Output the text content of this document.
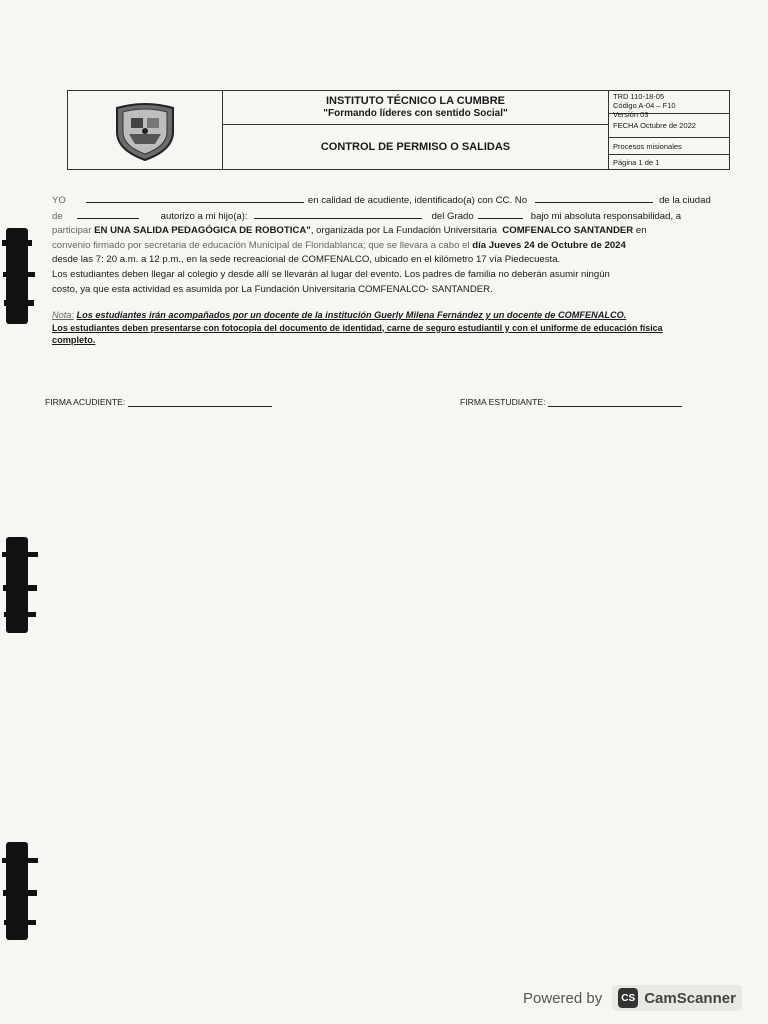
INSTITUTO TÉCNICO LA CUMBRE
"Formando líderes con sentido Social"
CONTROL DE PERMISO O SALIDAS
TRD 110-18-05
Código A-04 – F10
Versión 03
FECHA Octubre de 2022
Procesos misionales
Página 1 de 1
YO	en calidad de acudiente, identificado(a) con CC. No	de la ciudad
de	autorizo a mi hijo(a):	del Grado	bajo mi absoluta responsabilidad, a
participar
EN UNA SALIDA PEDAGÓGICA DE ROBOTICA" , organizada por La Fundación Universitaria
COMFENALCO SANTANDER
en
convenio firmado por secretaria de educación Municipal de Floridablanca; que se llevara a cabo el
día Jueves 24 de Octubre de 2024
desde las 7: 20 a.m. a 12 p.m., en la sede recreacional de COMFENALCO, ubicado en el kilómetro 17 vía Piedecuesta.
Los estudiantes deben llegar al colegio y desde allí se llevarán al lugar del evento. Los padres de familia no deberán asumir ningún
costo, ya que esta actividad es asumida por La Fundación Universitaria COMFENALCO- SANTANDER.
Nota: Los estudiantes irán acompañados por un docente de la institución Guerly Milena Fernández y un docente de COMFENALCO.
Los estudiantes deben presentarse con fotocopia del documento de identidad, carne de seguro estudiantil y con el uniforme de educación física
completo.
FIRMA ACUDIENTE:	FIRMA ESTUDIANTE:
Powered by	CS CamScanner
